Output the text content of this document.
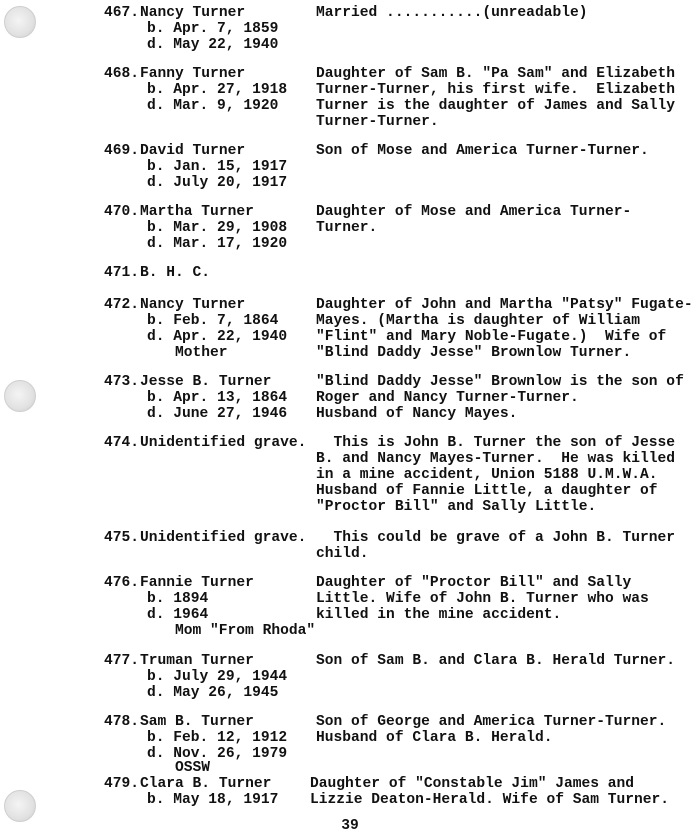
467. Nancy Turner
b. Apr. 7, 1859
d. May 22, 1940
Married ...........(unreadable)
468. Fanny Turner
b. Apr. 27, 1918
d. Mar. 9, 1920
Daughter of Sam B. "Pa Sam" and Elizabeth
Turner-Turner, his first wife.  Elizabeth
Turner is the daughter of James and Sally
Turner-Turner.
469. David Turner
b. Jan. 15, 1917
d. July 20, 1917
Son of Mose and America Turner-Turner.
470. Martha Turner
b. Mar. 29, 1908
d. Mar. 17, 1920
Daughter of Mose and America Turner-
Turner.
471. B. H. C.
472. Nancy Turner
b. Feb. 7, 1864
d. Apr. 22, 1940
Mother
Daughter of John and Martha "Patsy" Fugate-
Mayes. (Martha is daughter of William
"Flint" and Mary Noble-Fugate.)  Wife of
"Blind Daddy Jesse" Brownlow Turner.
473. Jesse B. Turner
b. Apr. 13, 1864
d. June 27, 1946
"Blind Daddy Jesse" Brownlow is the son of
Roger and Nancy Turner-Turner.
Husband of Nancy Mayes.
474. Unidentified grave. This is John B. Turner the son of Jesse
B. and Nancy Mayes-Turner.  He was killed
in a mine accident, Union 5188 U.M.W.A.
Husband of Fannie Little, a daughter of
"Proctor Bill" and Sally Little.
475. Unidentified grave. This could be grave of a John B. Turner
child.
476. Fannie Turner
b. 1894
d. 1964
Mom "From Rhoda"
Daughter of "Proctor Bill" and Sally
Little. Wife of John B. Turner who was
killed in the mine accident.
477. Truman Turner
b. July 29, 1944
d. May 26, 1945
Son of Sam B. and Clara B. Herald Turner.
478. Sam B. Turner
b. Feb. 12, 1912
d. Nov. 26, 1979
OSSW
Son of George and America Turner-Turner.
Husband of Clara B. Herald.
479. Clara B. Turner
b. May 18, 1917
Daughter of "Constable Jim" James and
Lizzie Deaton-Herald. Wife of Sam Turner.
39
